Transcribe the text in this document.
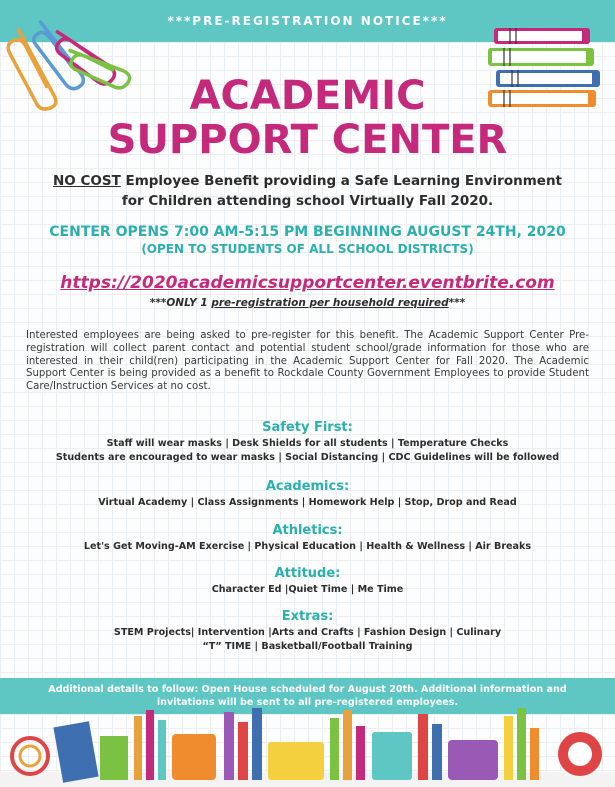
***PRE-REGISTRATION NOTICE***
ACADEMIC
SUPPORT CENTER
NO COST Employee Benefit providing a Safe Learning Environment
for Children attending school Virtually Fall 2020.
CENTER OPENS 7:00 AM-5:15 PM BEGINNING AUGUST 24TH, 2020
(OPEN TO STUDENTS OF ALL SCHOOL DISTRICTS)
https://2020academicsupportcenter.eventbrite.com
***ONLY 1 pre-registration per household required***
Interested employees are being asked to pre-register for this benefit. The Academic Support Center Pre-registration will collect parent contact and potential student school/grade information for those who are interested in their child(ren) participating in the Academic Support Center for Fall 2020. The Academic Support Center is being provided as a benefit to Rockdale County Government Employees to provide Student Care/Instruction Services at no cost.
Safety First:
Staff will wear masks | Desk Shields for all students | Temperature Checks
Students are encouraged to wear masks | Social Distancing | CDC Guidelines will be followed
Academics:
Virtual Academy | Class Assignments | Homework Help | Stop, Drop and Read
Athletics:
Let's Get Moving-AM Exercise | Physical Education | Health & Wellness | Air Breaks
Attitude:
Character Ed |Quiet Time | Me Time
Extras:
STEM Projects| Intervention |Arts and Crafts | Fashion Design | Culinary
“T” TIME | Basketball/Football Training
Additional details to follow: Open House scheduled for August 20th. Additional information and
invitations will be sent to all pre-registered employees.
